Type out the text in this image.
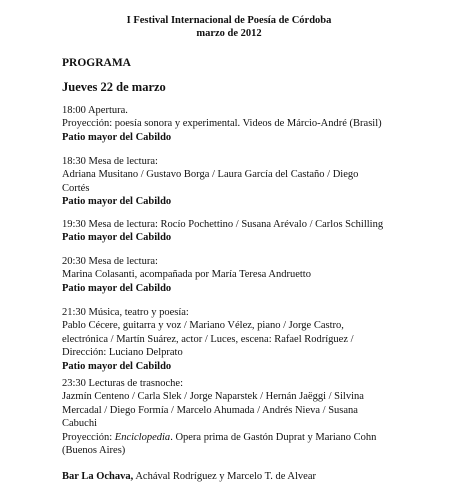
I Festival Internacional de Poesía de Córdoba
marzo de 2012
PROGRAMA
Jueves 22 de marzo
18:00 Apertura.
Proyección: poesía sonora y experimental. Videos de Márcio-André (Brasil)
Patio mayor del Cabildo
18:30 Mesa de lectura:
Adriana Musitano / Gustavo Borga / Laura García del Castaño / Diego
Cortés
Patio mayor del Cabildo
19:30 Mesa de lectura: Rocío Pochettino / Susana Arévalo / Carlos Schilling
Patio mayor del Cabildo
20:30 Mesa de lectura:
Marina Colasanti, acompañada por María Teresa Andruetto
Patio mayor del Cabildo
21:30 Música, teatro y poesía:
Pablo Cécere, guitarra y voz / Mariano Vélez, piano / Jorge Castro,
electrónica / Martín Suárez, actor / Luces, escena: Rafael Rodríguez /
Dirección: Luciano Delprato
Patio mayor del Cabildo
23:30 Lecturas de trasnoche:
Jazmín Centeno / Carla Slek / Jorge Naparstek / Hernán Jaëggi / Silvina
Mercadal / Diego Formía / Marcelo Ahumada / Andrés Nieva / Susana
Cabuchi
Proyección: Enciclopedia. Opera prima de Gastón Duprat y Mariano Cohn
(Buenos Aires)
Bar La Ochava, Achával Rodríguez y Marcelo T. de Alvear
